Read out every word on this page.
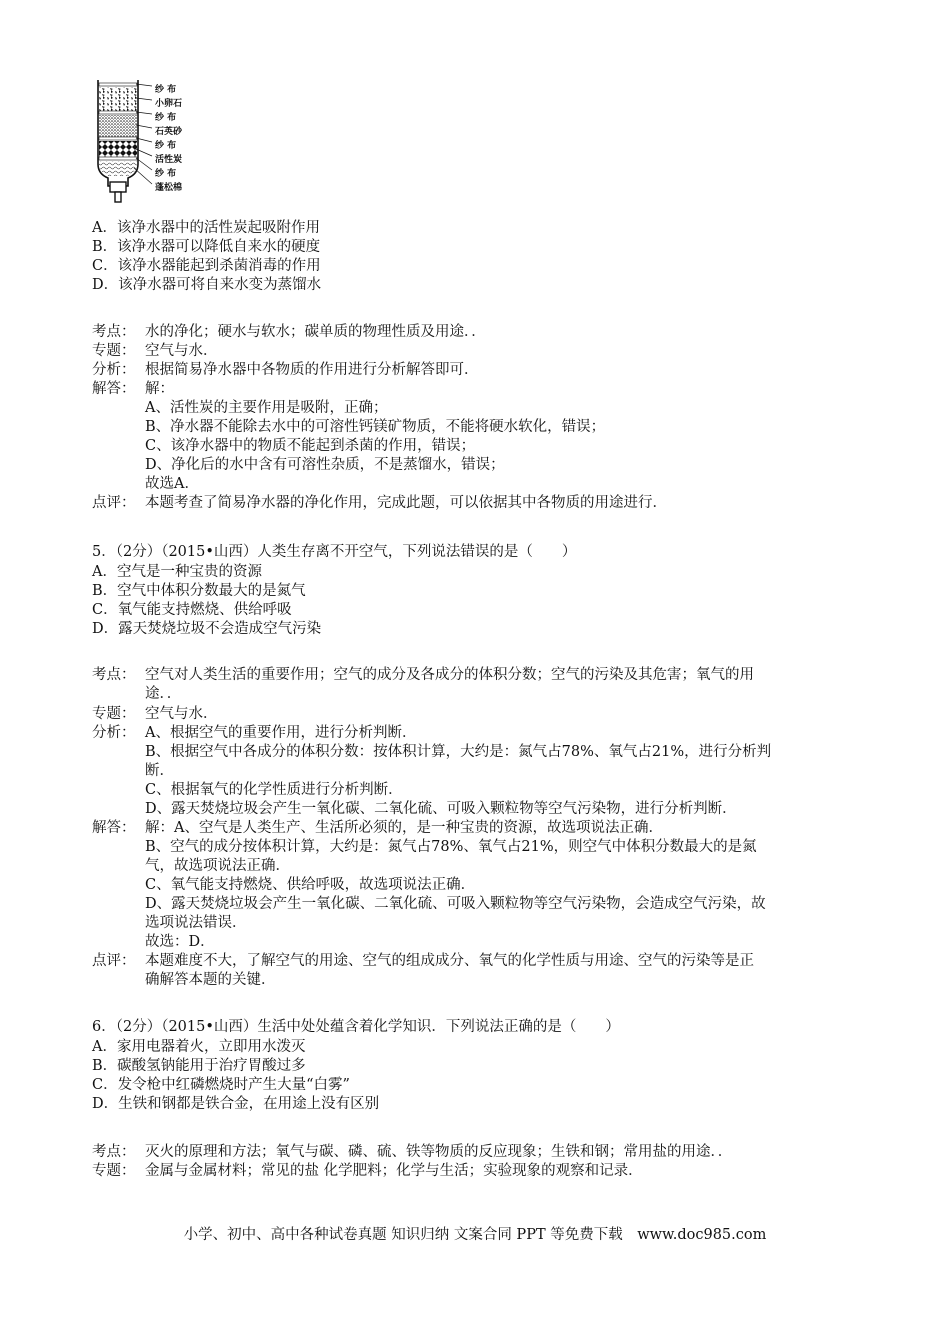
纱 布
小卵石
纱 布
石英砂
纱 布
活性炭
纱 布
蓬松棉
A．该净水器中的活性炭起吸附作用
B．该净水器可以降低自来水的硬度
C．该净水器能起到杀菌消毒的作用
D．该净水器可将自来水变为蒸馏水
考点： 水的净化；硬水与软水；碳单质的物理性质及用途．．
专题： 空气与水．
分析： 根据简易净水器中各物质的作用进行分析解答即可．
解答： 解：
A、活性炭的主要作用是吸附，正确；
B、净水器不能除去水中的可溶性钙镁矿物质，不能将硬水软化，错误；
C、该净水器中的物质不能起到杀菌的作用，错误；
D、净化后的水中含有可溶性杂质，不是蒸馏水，错误；
故选A．
点评： 本题考查了简易净水器的净化作用，完成此题，可以依据其中各物质的用途进行．
5．（2分）（2015•山西）人类生存离不开空气，下列说法错误的是（　　）
A．空气是一种宝贵的资源
B．空气中体积分数最大的是氮气
C．氧气能支持燃烧、供给呼吸
D．露天焚烧垃圾不会造成空气污染
考点： 空气对人类生活的重要作用；空气的成分及各成分的体积分数；空气的污染及其危害；氧气的用
途．．
专题： 空气与水．
分析： A、根据空气的重要作用，进行分析判断．
B、根据空气中各成分的体积分数：按体积计算，大约是：氮气占78%、氧气占21%，进行分析判
断．
C、根据氧气的化学性质进行分析判断．
D、露天焚烧垃圾会产生一氧化碳、二氧化硫、可吸入颗粒物等空气污染物，进行分析判断．
解答： 解：A、空气是人类生产、生活所必须的，是一种宝贵的资源，故选项说法正确．
B、空气的成分按体积计算，大约是：氮气占78%、氧气占21%，则空气中体积分数最大的是氮
气，故选项说法正确．
C、氧气能支持燃烧、供给呼吸，故选项说法正确．
D、露天焚烧垃圾会产生一氧化碳、二氧化硫、可吸入颗粒物等空气污染物，会造成空气污染，故
选项说法错误．
故选：D．
点评： 本题难度不大，了解空气的用途、空气的组成成分、氧气的化学性质与用途、空气的污染等是正
确解答本题的关键．
6．（2分）（2015•山西）生活中处处蕴含着化学知识．下列说法正确的是（　　）
A．家用电器着火，立即用水泼灭
B．碳酸氢钠能用于治疗胃酸过多
C．发令枪中红磷燃烧时产生大量“白雾”
D．生铁和钢都是铁合金，在用途上没有区别
考点： 灭火的原理和方法；氧气与碳、磷、硫、铁等物质的反应现象；生铁和钢；常用盐的用途．．
专题： 金属与金属材料；常见的盐 化学肥料；化学与生活；实验现象的观察和记录．
小学、初中、高中各种试卷真题 知识归纳 文案合同 PPT 等免费下载　www.doc985.com
